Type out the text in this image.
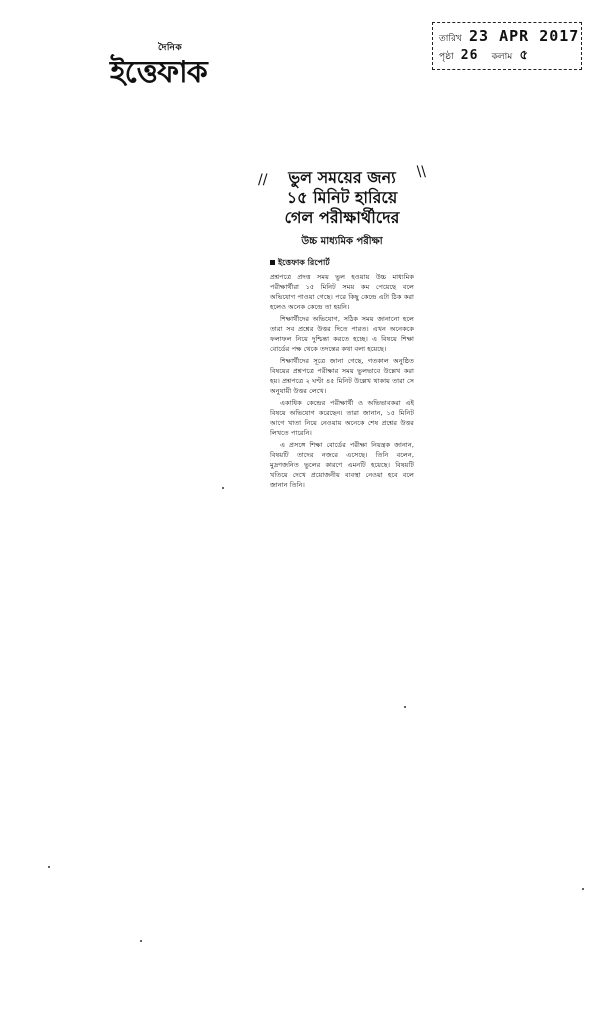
দৈনিক
ইত্তেফাক
তারিখ 23 APR 2017
পৃষ্ঠা 26 কলাম ৫
//	\\
ভুল সময়ের জন্য
১৫ মিনিট হারিয়ে
গেল পরীক্ষার্থীদের
উচ্চ মাধ্যমিক পরীক্ষা
ইত্তেফাক রিপোর্ট

প্রশ্নপত্রে প্রদত্ত সময় ভুল হওয়ায় উচ্চ মাধ্যমিক পরীক্ষার্থীরা ১৫ মিনিট সময় কম পেয়েছে বলে অভিযোগ পাওয়া গেছে। পরে কিছু কেন্দ্রে এটা ঠিক করা হলেও অনেক কেন্দ্রে তা হয়নি।

শিক্ষার্থীদের অভিযোগ, সঠিক সময় জানানো হলে তারা সব প্রশ্নের উত্তর দিতে পারত। এখন অনেককে ফলাফল নিয়ে দুশ্চিন্তা করতে হচ্ছে। এ বিষয়ে শিক্ষা বোর্ডের পক্ষ থেকে তদন্তের কথা বলা হয়েছে।

শিক্ষার্থীদের সূত্রে জানা গেছে, গতকাল অনুষ্ঠিত বিষয়ের প্রশ্নপত্রে পরীক্ষার সময় ভুলভাবে উল্লেখ করা হয়। প্রশ্নপত্রে ২ ঘণ্টা ৪৫ মিনিট উল্লেখ থাকায় তারা সে অনুযায়ী উত্তর লেখে।

একাধিক কেন্দ্রের পরীক্ষার্থী ও অভিভাবকরা এই বিষয়ে অভিযোগ করেছেন। তারা জানান, ১৫ মিনিট আগে খাতা নিয়ে নেওয়ায় অনেকে শেষ প্রশ্নের উত্তর লিখতে পারেনি।

এ প্রসঙ্গে শিক্ষা বোর্ডের পরীক্ষা নিয়ন্ত্রক জানান, বিষয়টি তাদের নজরে এসেছে। তিনি বলেন, মুদ্রণজনিত ভুলের কারণে এমনটি হয়েছে। বিষয়টি খতিয়ে দেখে প্রয়োজনীয় ব্যবস্থা নেওয়া হবে বলে জানান তিনি।
